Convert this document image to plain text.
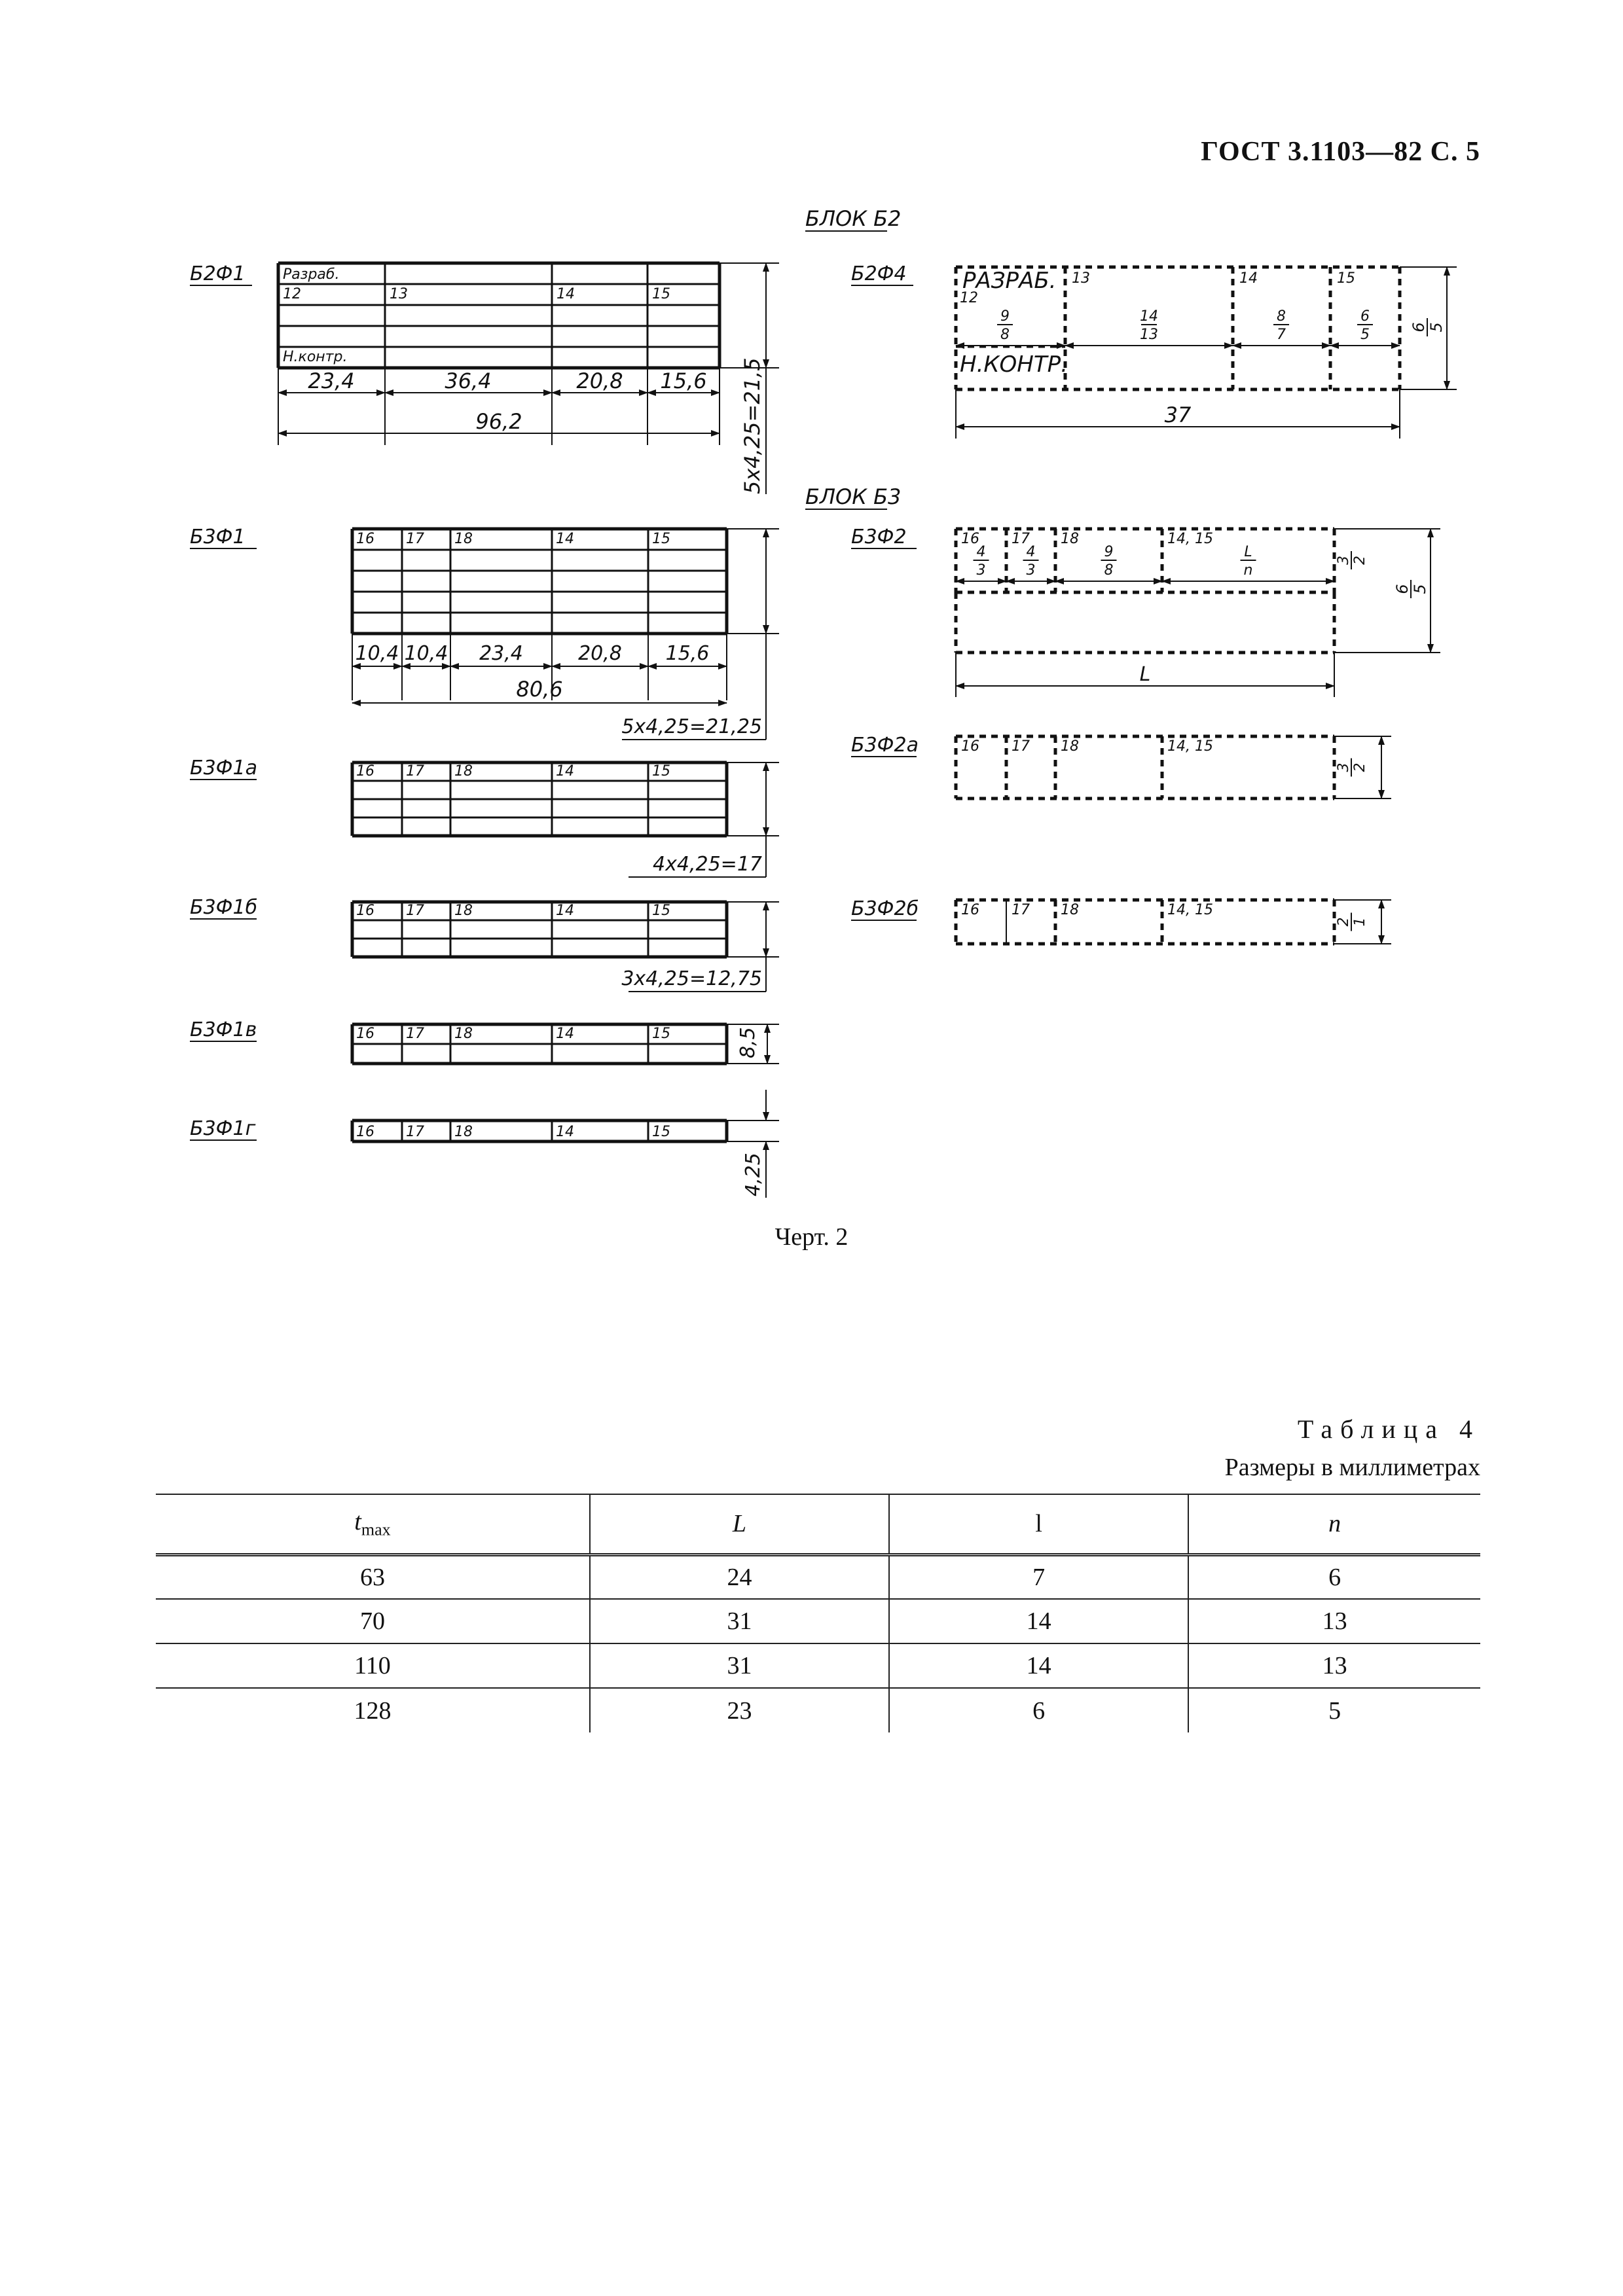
ГОСТ 3.1103—82 С. 5
БЛОК Б2
БЛОК Б3
Б2Ф1	Разраб.
12	13	14	15
Н.контр.
23,4	36,4	20,8 15,6
96,2	5x4,25=21,5
Б2Ф4	РАЗРАБ.
12
13	14	15
Н.КОНТР.
9
8
14
13
8
7
6
5	6 5
37
Б3Ф1	16 17 18	14	15
10,4 10,4 23,4	20,8 15,6
80,6
5x4,25=21,25
Б3Ф1а	16 17 18	14	15
4x4,25=17
Б3Ф1б	16 17 18	14	15
3x4,25=12,75
Б3Ф1в	16 17 18	14	15	8,5
Б3Ф1г	16 17 18	14	15
4,25
Б3Ф2	16 17 18	14, 15
4
3
4
3
9
8
L
n
3 2
6 5
L
Б3Ф2а	16 17 18	14, 15
3 2
Б3Ф2б	16 17 18	14, 15
2 1
Черт. 2
Таблица 4
Размеры в миллиметрах
$t_{max}$	L	l	n
63	24	7	6
70	31	14	13
110	31	14	13
128	23	6	5
